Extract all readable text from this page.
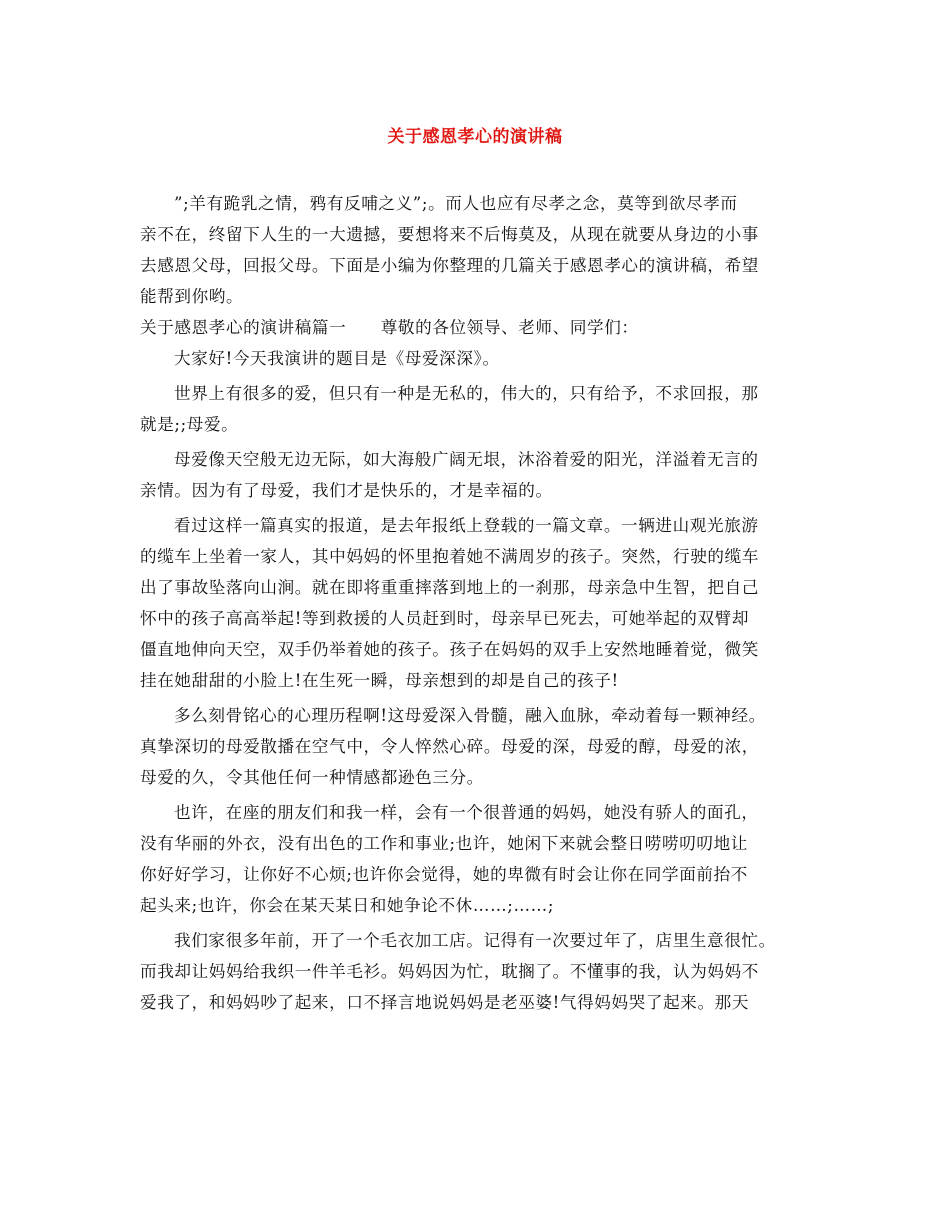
关于感恩孝心的演讲稿
”;羊有跪乳之情，鸦有反哺之义”;。而人也应有尽孝之念，莫等到欲尽孝而
亲不在，终留下人生的一大遗撼，要想将来不后悔莫及，从现在就要从身边的小事
去感恩父母，回报父母。下面是小编为你整理的几篇关于感恩孝心的演讲稿，希望
能帮到你哟。
关于感恩孝心的演讲稿篇一　　尊敬的各位领导、老师、同学们：
大家好!今天我演讲的题目是《母爱深深》。
世界上有很多的爱，但只有一种是无私的，伟大的，只有给予，不求回报，那
就是;;母爱。
母爱像天空般无边无际，如大海般广阔无垠，沐浴着爱的阳光，洋溢着无言的
亲情。因为有了母爱，我们才是快乐的，才是幸福的。
看过这样一篇真实的报道，是去年报纸上登载的一篇文章。一辆进山观光旅游
的缆车上坐着一家人，其中妈妈的怀里抱着她不满周岁的孩子。突然，行驶的缆车
出了事故坠落向山涧。就在即将重重摔落到地上的一刹那，母亲急中生智，把自己
怀中的孩子高高举起!等到救援的人员赶到时，母亲早已死去，可她举起的双臂却
僵直地伸向天空，双手仍举着她的孩子。孩子在妈妈的双手上安然地睡着觉，微笑
挂在她甜甜的小脸上!在生死一瞬，母亲想到的却是自己的孩子!
多么刻骨铭心的心理历程啊!这母爱深入骨髓，融入血脉，牵动着每一颗神经。
真挚深切的母爱散播在空气中，令人悴然心碎。母爱的深，母爱的醇，母爱的浓，
母爱的久，令其他任何一种情感都逊色三分。
也许，在座的朋友们和我一样，会有一个很普通的妈妈，她没有骄人的面孔，
没有华丽的外衣，没有出色的工作和事业;也许，她闲下来就会整日唠唠叨叨地让
你好好学习，让你好不心烦;也许你会觉得，她的卑微有时会让你在同学面前抬不
起头来;也许，你会在某天某日和她争论不休……;……;
我们家很多年前，开了一个毛衣加工店。记得有一次要过年了，店里生意很忙。
而我却让妈妈给我织一件羊毛衫。妈妈因为忙，耽搁了。不懂事的我，认为妈妈不
爱我了，和妈妈吵了起来，口不择言地说妈妈是老巫婆!气得妈妈哭了起来。那天
